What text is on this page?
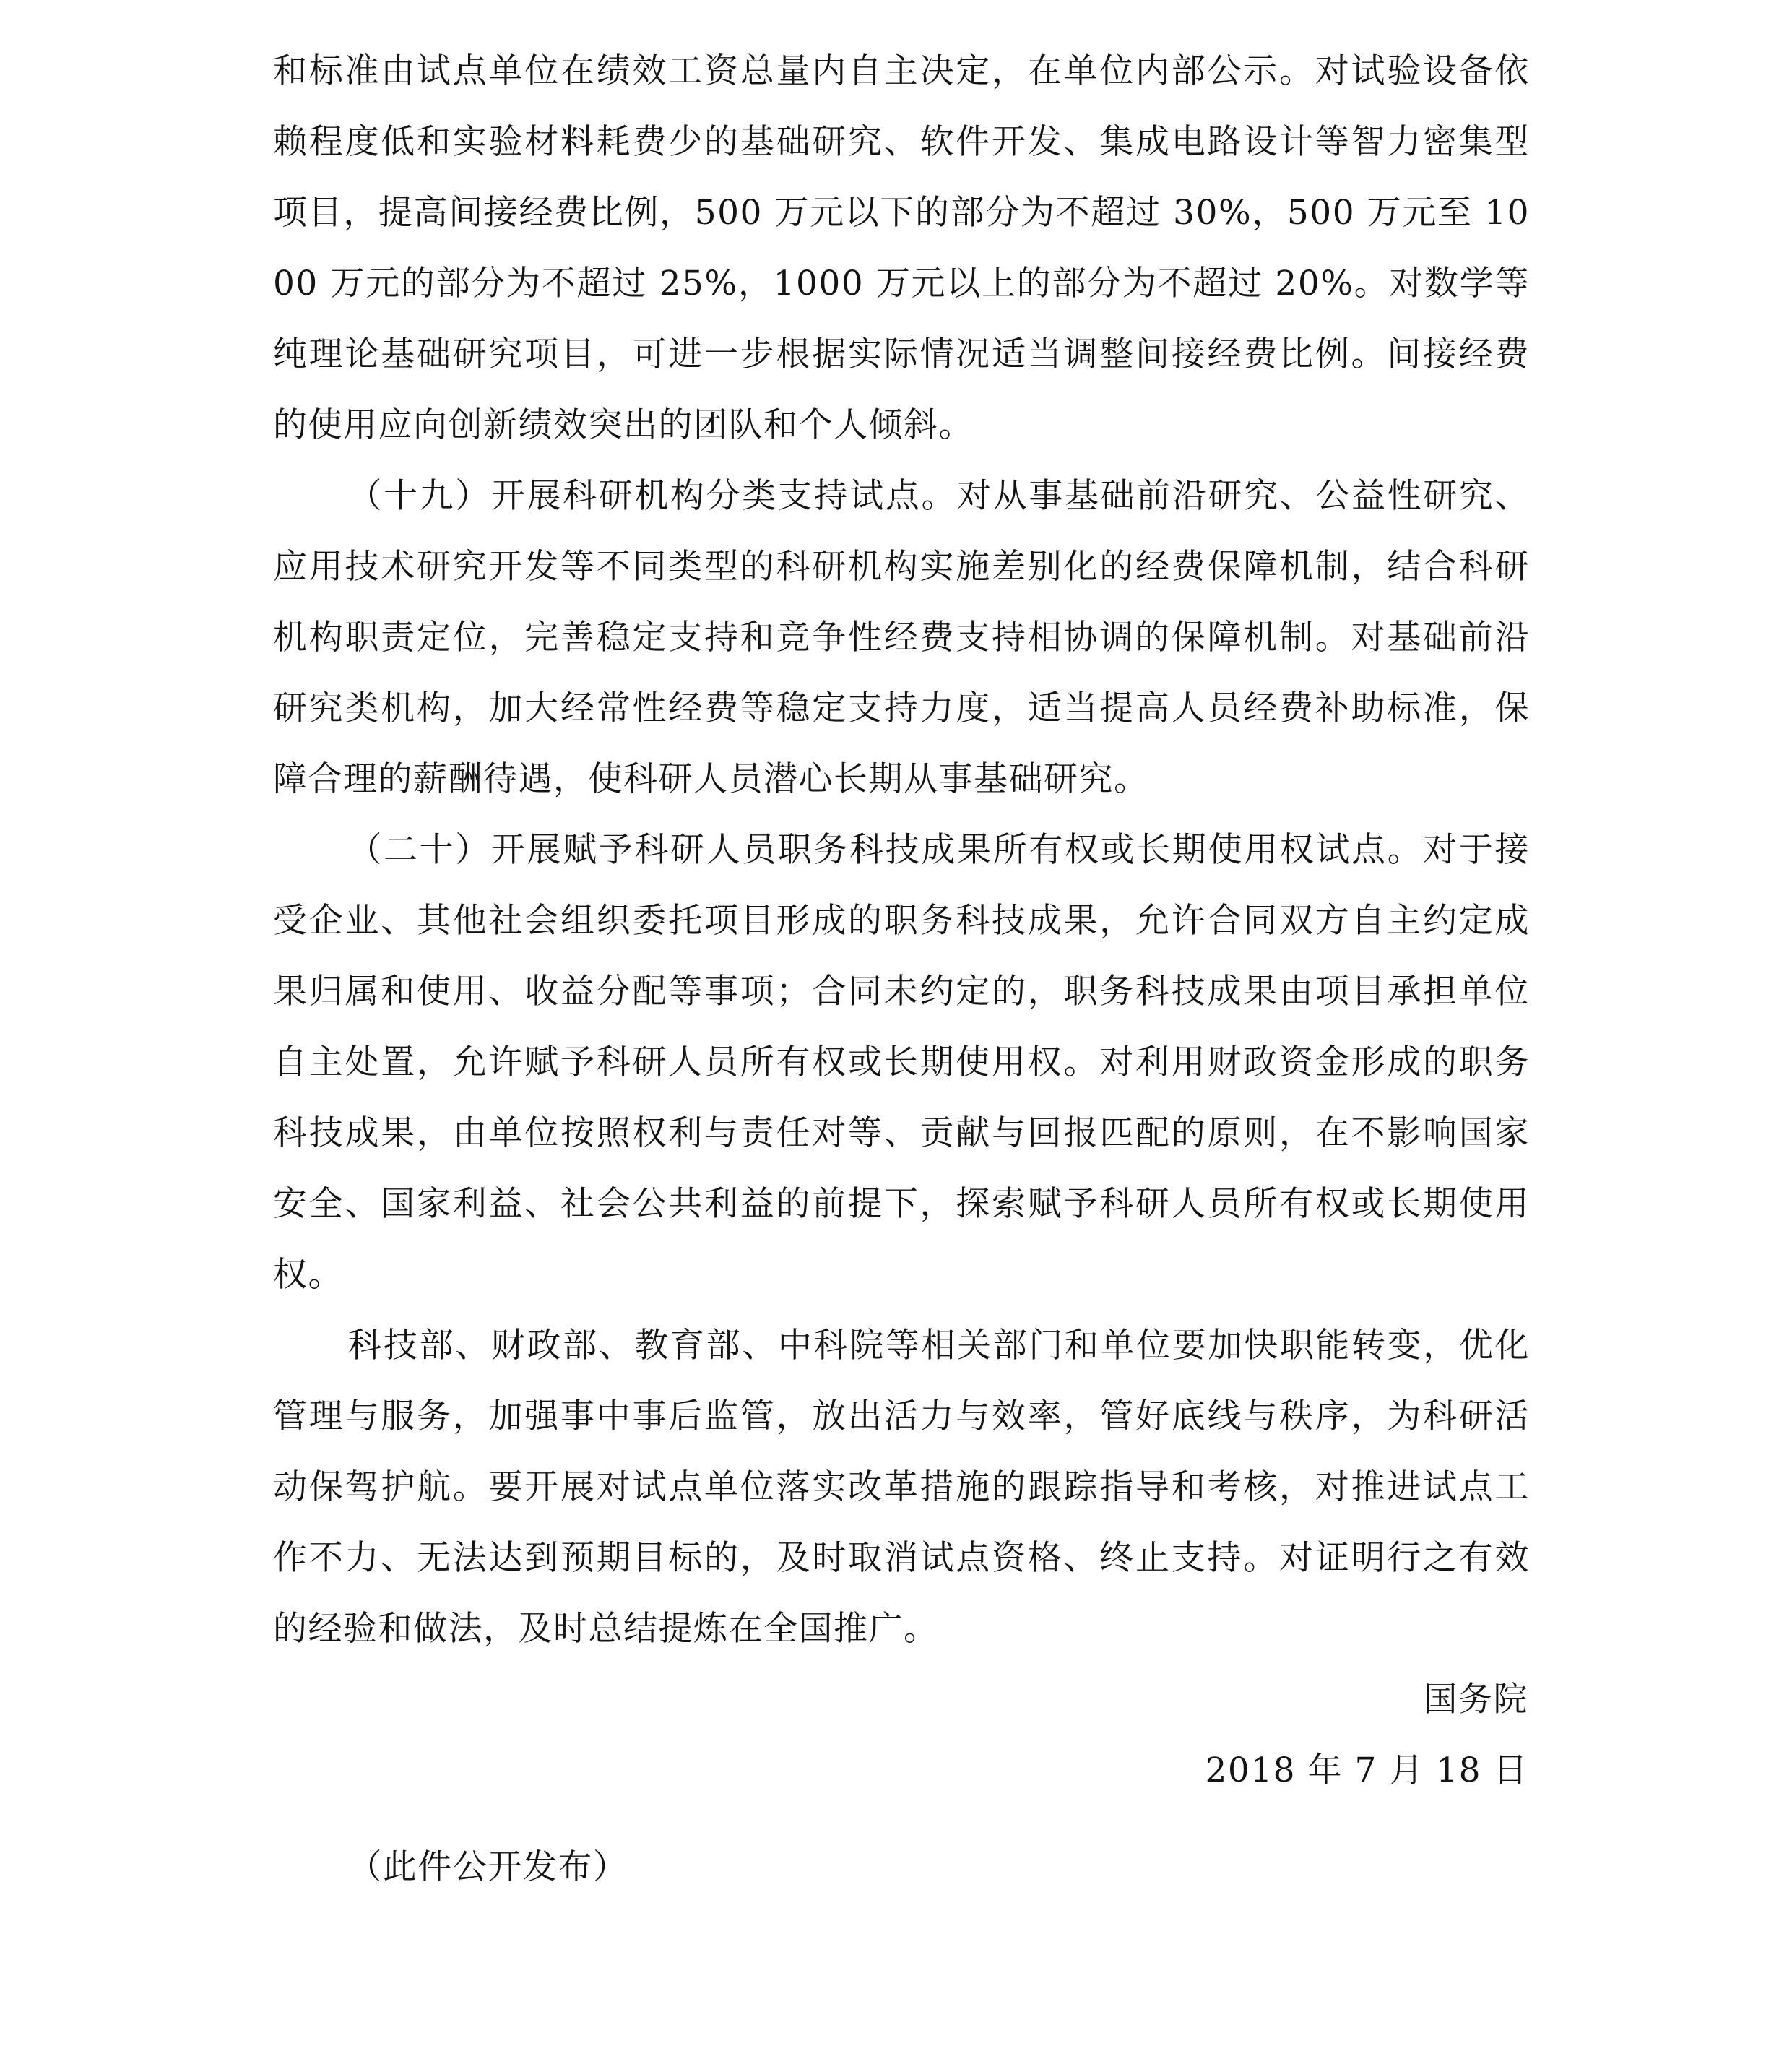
和标准由试点单位在绩效工资总量内自主决定，在单位内部公示。对试验设备依赖程度低和实验材料耗费少的基础研究、软件开发、集成电路设计等智力密集型项目，提高间接经费比例，500 万元以下的部分为不超过 30%，500 万元至 1000 万元的部分为不超过 25%，1000 万元以上的部分为不超过 20%。对数学等纯理论基础研究项目，可进一步根据实际情况适当调整间接经费比例。间接经费的使用应向创新绩效突出的团队和个人倾斜。

（十九）开展科研机构分类支持试点。对从事基础前沿研究、公益性研究、应用技术研究开发等不同类型的科研机构实施差别化的经费保障机制，结合科研机构职责定位，完善稳定支持和竞争性经费支持相协调的保障机制。对基础前沿研究类机构，加大经常性经费等稳定支持力度，适当提高人员经费补助标准，保障合理的薪酬待遇，使科研人员潜心长期从事基础研究。

（二十）开展赋予科研人员职务科技成果所有权或长期使用权试点。对于接受企业、其他社会组织委托项目形成的职务科技成果，允许合同双方自主约定成果归属和使用、收益分配等事项；合同未约定的，职务科技成果由项目承担单位自主处置，允许赋予科研人员所有权或长期使用权。对利用财政资金形成的职务科技成果，由单位按照权利与责任对等、贡献与回报匹配的原则，在不影响国家安全、国家利益、社会公共利益的前提下，探索赋予科研人员所有权或长期使用权。

科技部、财政部、教育部、中科院等相关部门和单位要加快职能转变，优化管理与服务，加强事中事后监管，放出活力与效率，管好底线与秩序，为科研活动保驾护航。要开展对试点单位落实改革措施的跟踪指导和考核，对推进试点工作不力、无法达到预期目标的，及时取消试点资格、终止支持。对证明行之有效的经验和做法，及时总结提炼在全国推广。

国务院

2018 年 7 月 18 日

（此件公开发布）
